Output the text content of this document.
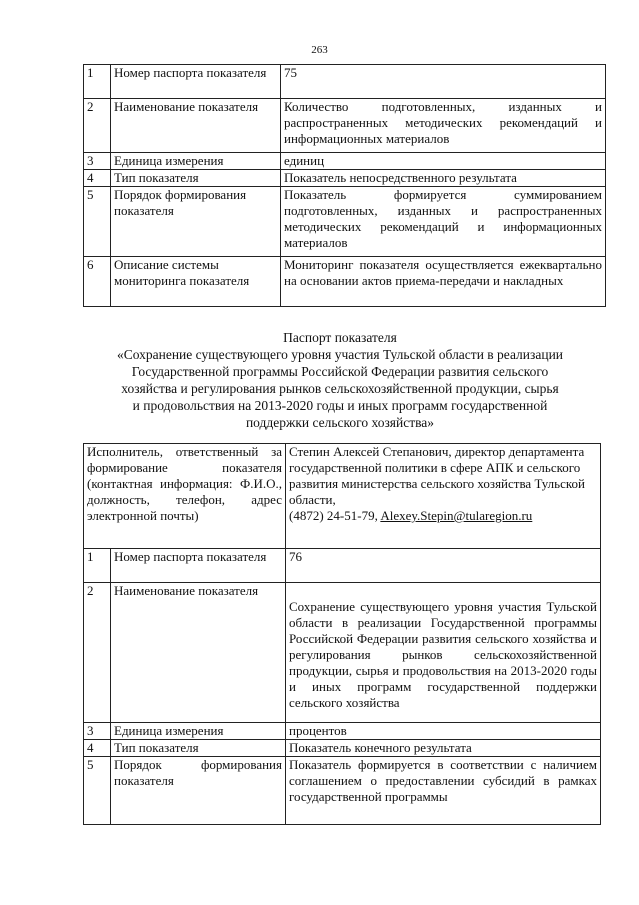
263
1	Номер паспорта показателя	75
2	Наименование показателя	Количество подготовленных, изданных и распространенных методических рекомендаций и информационных материалов
3	Единица измерения	единиц
4	Тип показателя	Показатель непосредственного результата
5	Порядок формирования показателя	Показатель формируется суммированием подготовленных, изданных и распространенных методических рекомендаций и информационных материалов
6	Описание системы мониторинга показателя	Мониторинг показателя осуществляется ежеквартально на основании актов приема-передачи и накладных
Паспорт показателя
«Сохранение существующего уровня участия Тульской области в реализации
Государственной программы Российской Федерации развития сельского
хозяйства и регулирования рынков сельскохозяйственной продукции, сырья
и продовольствия на 2013-2020 годы и иных программ государственной
поддержки сельского хозяйства»
Исполнитель, ответственный за формирование показателя (контактная информация: Ф.И.О., должность, телефон, адрес электронной почты)		Степин Алексей Степанович, директор департамента государственной политики в сфере АПК и сельского развития министерства сельского хозяйства Тульской области,
(4872) 24-51-79, Alexey.Stepin@tularegion.ru

1	Номер паспорта показателя	76
2	Наименование показателя	Сохранение существующего уровня участия Тульской области в реализации Государственной программы Российской Федерации развития сельского хозяйства и регулирования рынков сельскохозяйственной продукции, сырья и продовольствия на 2013-2020 годы и иных программ государственной поддержки сельского хозяйства
3	Единица измерения	процентов
4	Тип показателя	Показатель конечного результата
5	Порядок формирования показателя	Показатель формируется в соответствии с наличием соглашением о предоставлении субсидий в рамках государственной программы
